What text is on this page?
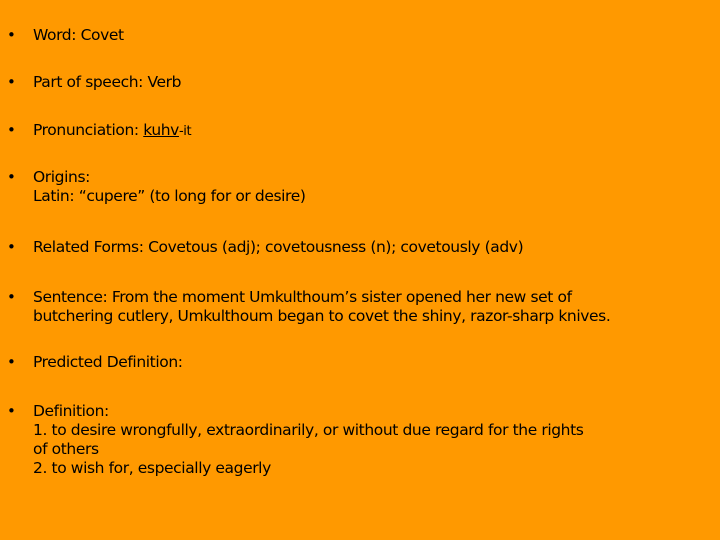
•	Word: Covet
•	Part of speech: Verb
•	Pronunciation: kuhv-it
•	Origins:
Latin: “cupere” (to long for or desire)
•	Related Forms: Covetous (adj); covetousness (n); covetously (adv)
•	Sentence: From the moment Umkulthoum’s sister opened her new set of
butchering cutlery, Umkulthoum began to covet the shiny, razor-sharp knives.
•	Predicted Definition:
•	Definition:
1. to desire wrongfully, extraordinarily, or without due regard for the rights
of others
2. to wish for, especially eagerly
